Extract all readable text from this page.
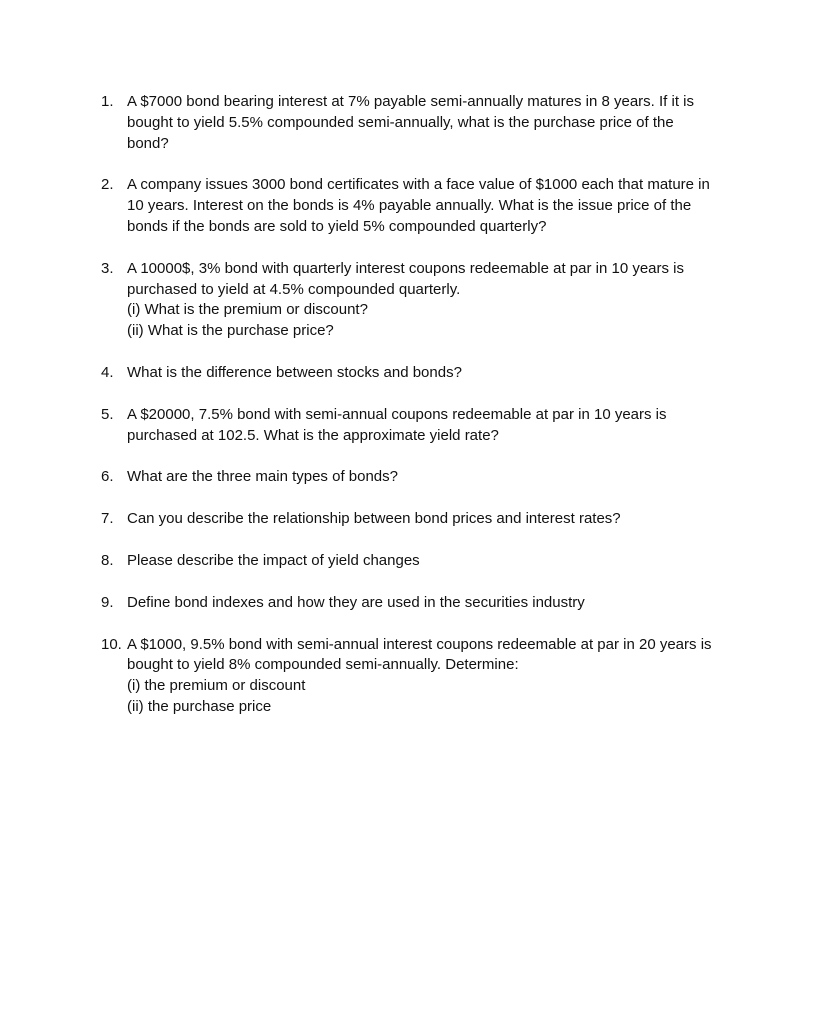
1. A $7000 bond bearing interest at 7% payable semi-annually matures in 8 years. If it is
bought to yield 5.5% compounded semi-annually, what is the purchase price of the
bond?
2. A company issues 3000 bond certificates with a face value of $1000 each that mature in
10 years. Interest on the bonds is 4% payable annually. What is the issue price of the
bonds if the bonds are sold to yield 5% compounded quarterly?
3. A 10000$, 3% bond with quarterly interest coupons redeemable at par in 10 years is
purchased to yield at 4.5% compounded quarterly.
(i) What is the premium or discount?
(ii) What is the purchase price?
4. What is the difference between stocks and bonds?
5. A $20000, 7.5% bond with semi-annual coupons redeemable at par in 10 years is
purchased at 102.5. What is the approximate yield rate?
6. What are the three main types of bonds?
7. Can you describe the relationship between bond prices and interest rates?
8. Please describe the impact of yield changes
9. Define bond indexes and how they are used in the securities industry
10. A $1000, 9.5% bond with semi-annual interest coupons redeemable at par in 20 years is
bought to yield 8% compounded semi-annually. Determine:
(i) the premium or discount
(ii) the purchase price
